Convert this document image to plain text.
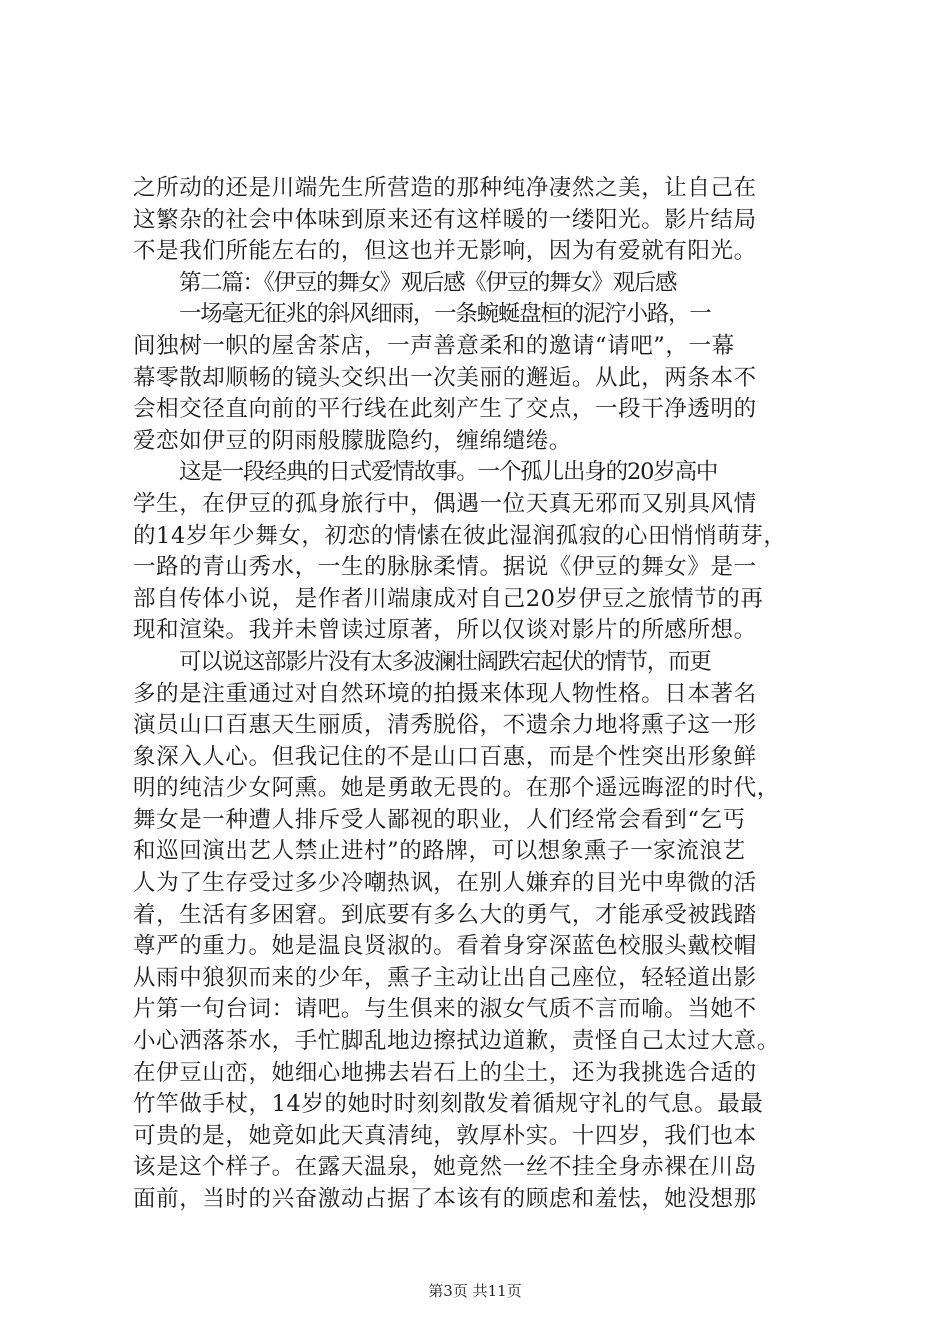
之所动的还是川端先生所营造的那种纯净凄然之美，让自己在
这繁杂的社会中体味到原来还有这样暖的一缕阳光。影片结局
不是我们所能左右的，但这也并无影响，因为有爱就有阳光。
第二篇：《伊豆的舞女》观后感《伊豆的舞女》观后感
一场毫无征兆的斜风细雨，一条蜿蜒盘桓的泥泞小路，一
间独树一帜的屋舍茶店，一声善意柔和的邀请“请吧”，一幕
幕零散却顺畅的镜头交织出一次美丽的邂逅。从此，两条本不
会相交径直向前的平行线在此刻产生了交点，一段干净透明的
爱恋如伊豆的阴雨般朦胧隐约，缠绵缱绻。
这是一段经典的日式爱情故事。一个孤儿出身的20岁高中
学生，在伊豆的孤身旅行中，偶遇一位天真无邪而又别具风情
的14岁年少舞女，初恋的情愫在彼此湿润孤寂的心田悄悄萌芽，
一路的青山秀水，一生的脉脉柔情。据说《伊豆的舞女》是一
部自传体小说，是作者川端康成对自己20岁伊豆之旅情节的再
现和渲染。我并未曾读过原著，所以仅谈对影片的所感所想。
可以说这部影片没有太多波澜壮阔跌宕起伏的情节，而更
多的是注重通过对自然环境的拍摄来体现人物性格。日本著名
演员山口百惠天生丽质，清秀脱俗，不遗余力地将熏子这一形
象深入人心。但我记住的不是山口百惠，而是个性突出形象鲜
明的纯洁少女阿熏。她是勇敢无畏的。在那个遥远晦涩的时代，
舞女是一种遭人排斥受人鄙视的职业，人们经常会看到“乞丐
和巡回演出艺人禁止进村”的路牌，可以想象熏子一家流浪艺
人为了生存受过多少冷嘲热讽，在别人嫌弃的目光中卑微的活
着，生活有多困窘。到底要有多么大的勇气，才能承受被践踏
尊严的重力。她是温良贤淑的。看着身穿深蓝色校服头戴校帽
从雨中狼狈而来的少年，熏子主动让出自己座位，轻轻道出影
片第一句台词：请吧。与生俱来的淑女气质不言而喻。当她不
小心洒落茶水，手忙脚乱地边擦拭边道歉，责怪自己太过大意。
在伊豆山峦，她细心地拂去岩石上的尘土，还为我挑选合适的
竹竿做手杖，14岁的她时时刻刻散发着循规守礼的气息。最最
可贵的是，她竟如此天真清纯，敦厚朴实。十四岁，我们也本
该是这个样子。在露天温泉，她竟然一丝不挂全身赤裸在川岛
面前，当时的兴奋激动占据了本该有的顾虑和羞怯，她没想那
第3页 共11页
